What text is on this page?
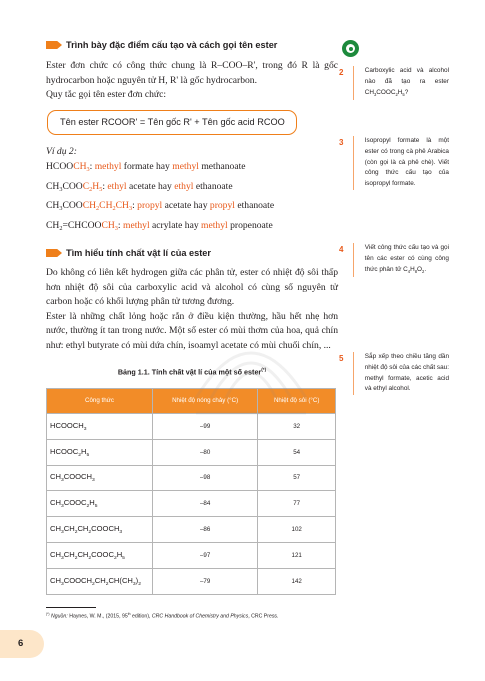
Trình bày đặc điểm cấu tạo và cách gọi tên ester

Ester đơn chức có công thức chung là R–COO–R', trong đó R là gốc hydrocarbon hoặc nguyên tử H, R' là gốc hydrocarbon.

Quy tắc gọi tên ester đơn chức:

Tên ester RCOOR' = Tên gốc R' + Tên gốc acid RCOO

Ví dụ 2:

$HCOOCH_3$: methyl formate hay methyl methanoate

$CH_3COOC_2H_5$: ethyl acetate hay ethyl ethanoate

$CH_3COOCH_2CH_2CH_3$: propyl acetate hay propyl ethanoate

$CH_2=CHCOOCH_3$: methyl acrylate hay methyl propenoate

Tìm hiểu tính chất vật lí của ester

Do không có liên kết hydrogen giữa các phân tử, ester có nhiệt độ sôi thấp hơn nhiệt độ sôi của carboxylic acid và alcohol có cùng số nguyên tử carbon hoặc có khối lượng phân tử tương đương.

Ester là những chất lỏng hoặc rắn ở điều kiện thường, hầu hết nhẹ hơn nước, thường ít tan trong nước. Một số ester có mùi thơm của hoa, quả chín như: ethyl butyrate có mùi dứa chín, isoamyl acetate có mùi chuối chín, ...

Bảng 1.1. Tính chất vật lí của một số ester(*)

Công thức	Nhiệt độ nóng chảy (°C)	Nhiệt độ sôi (°C)
$HCOOCH_3$	–99	32
$HCOOC_2H_5$	–80	54
$CH_3COOCH_3$	–98	57
$CH_3COOC_2H_5$	–84	77
$CH_3CH_2CH_2COOCH_3$	–86	102
$CH_3CH_2CH_2COOC_2H_5$	–97	121
$CH_3COOCH_2CH_2CH(CH_3)_2$	–79	142

(*) Nguồn: Haynes, W. M., (2015, 95th edition), CRC Handbook of Chemistry and Physics, CRC Press.

6
2	Carboxylic acid và alcohol nào đã tạo ra ester $CH_3COOC_2H_5$?

3	Isopropyl formate là một ester có trong cà phê Arabica (còn gọi là cà phê chè). Viết công thức cấu tạo của isopropyl formate.

4	Viết công thức cấu tạo và gọi tên các ester có cùng công thức phân tử $C_4H_8O_2$.

5	Sắp xếp theo chiều tăng dần nhiệt độ sôi của các chất sau: methyl formate, acetic acid và ethyl alcohol.
